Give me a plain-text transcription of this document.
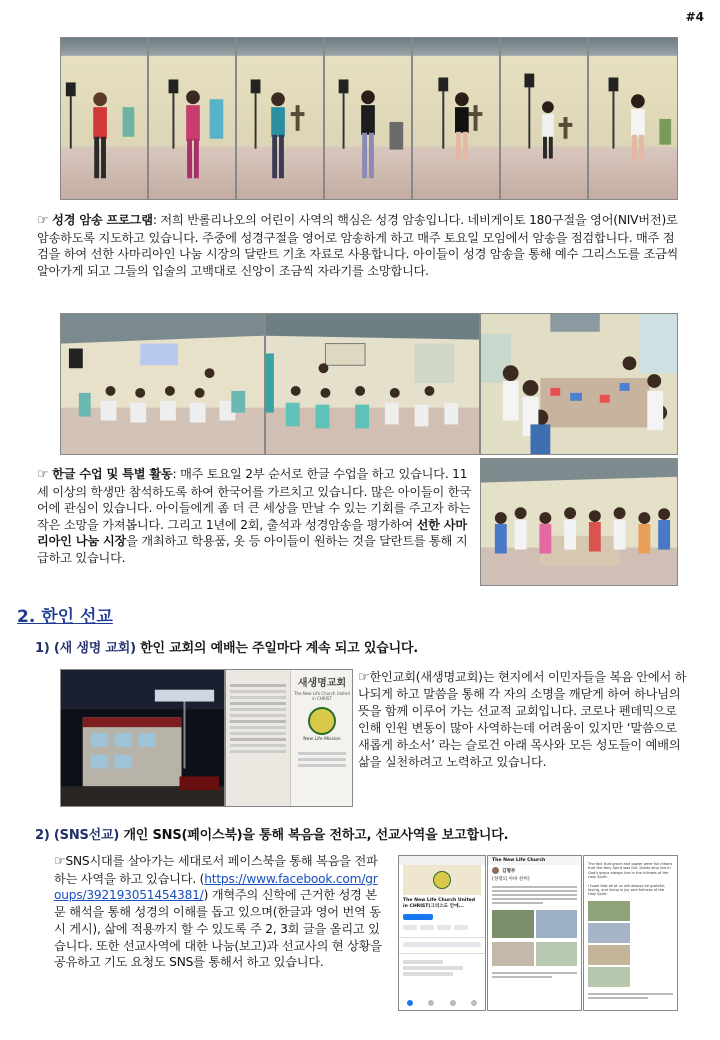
#4
☞ 성경 암송 프로그램: 저희 반롤리나오의 어린이 사역의 핵심은 성경 암송입니다. 네비게이토 180구절을 영어(NIV버전)로 암송하도록 지도하고 있습니다. 주중에 성경구절을 영어로 암송하게 하고 매주 토요일 모임에서 암송을 점검합니다. 매주 점검을 하여 선한 사마리아인 나눔 시장의 달란트 기초 자료로 사용합니다. 아이들이 성경 암송을 통해 예수 그리스도를 조금씩 알아가게 되고 그들의 입술의 고백대로 신앙이 조금씩 자라기를 소망합니다.
☞ 한글 수업 및 특별 활동: 매주 토요일 2부 순서로 한글 수업을 하고 있습니다. 11세 이상의 학생만 참석하도록 하여 한국어를 가르치고 있습니다. 많은 아이들이 한국어에 관심이 있습니다. 아이들에게 좀 더 큰 세상을 만날 수 있는 기회를 주고자 하는 작은 소망을 가져봅니다. 그리고 1년에 2회, 출석과 성경암송을 평가하여 선한 사마리아인 나눔 시장을 개최하고 학용품, 옷 등 아이들이 원하는 것을 달란트를 통해 지급하고 있습니다.
2. 한인 선교
1) (새 생명 교회) 한인 교회의 예배는 주일마다 계속 되고 있습니다.
새생명교회
The New Life Church United in CHRIST
New Life Mission
☞한인교회(새생명교회)는 현지에서 이민자들을 복음 안에서 하나되게 하고 말씀을 통해 각 자의 소명을 깨닫게 하여 하나님의 뜻을 함께 이루어 가는 선교적 교회입니다. 코로나 펜데믹으로 인해 인원 변동이 많아 사역하는데 어려움이 있지만 ‘말씀으로 새롭게 하소서’ 라는 슬로건 아래 목사와 모든 성도들이 예배의 삶을 실천하려고 노력하고 있습니다.
2) (SNS선교) 개인 SNS(페이스북)을 통해 복음을 전하고, 선교사역을 보고합니다.
☞SNS시대를 살아가는 세대로서 페이스북을 통해 복음을 전파하는 사역을 하고 있습니다. (https://www.facebook.com/groups/392193051454381/) 개혁주의 신학에 근거한 성경 본문 해석을 통해 성경의 이해를 돕고 있으며(한글과 영어 번역 동시 게시), 삶에 적용까지 할 수 있도록 주 2, 3회 글을 올리고 있습니다. 또한 선교사역에 대한 나눔(보고)과 선교사의 현 상황을 공유하고 기도 요청도 SNS를 통해서 하고 있습니다.
The New Life Church United in CHRIST(그리스도 안에...
The New Life Church
김형부
[성령의 아바 찬미]
The fact that grace and power were full means that the Holy Spirit was full. Saints who live in God's grace always live in the fullness of the Holy Spirit.
I hope that all of us will always be grateful, loving, and living in joy and fullness of the Holy Spirit.
